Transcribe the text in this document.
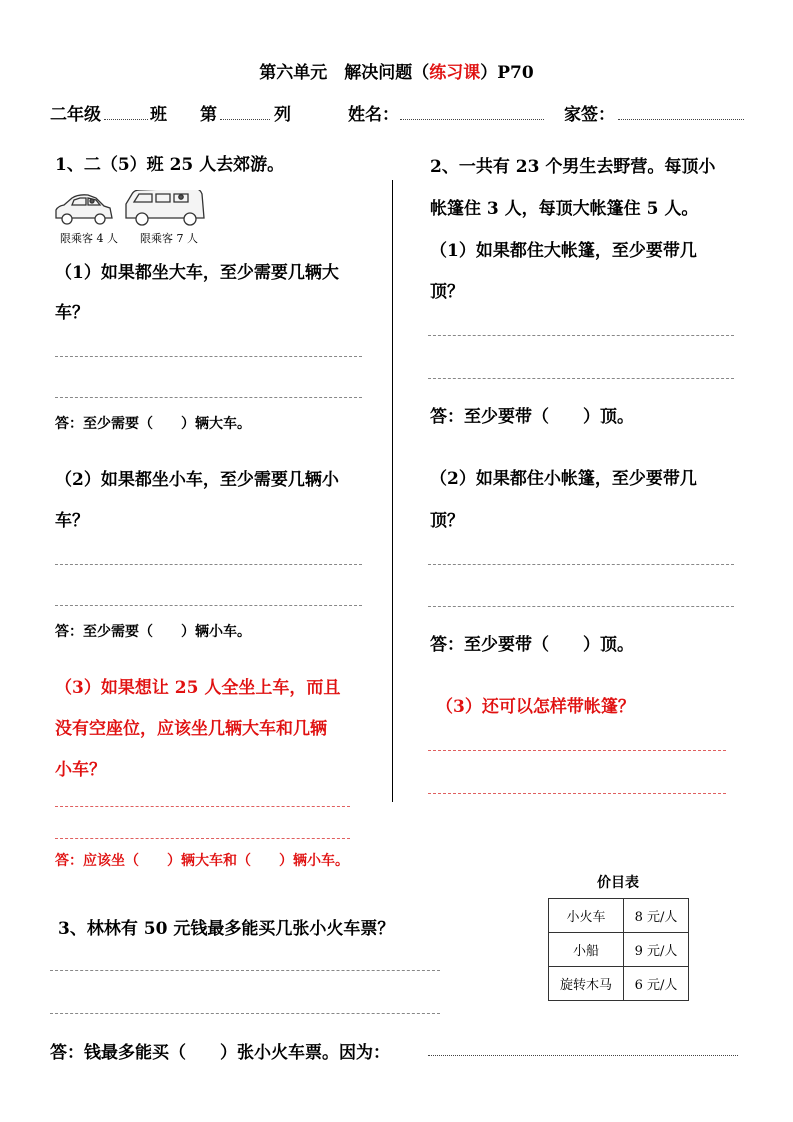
第六单元　解决问题（练习课）P70
二年级	班 第	列	姓名：	家签：
1、二（5）班 25 人去郊游。
限乘客 4 人 限乘客 7 人
（1）如果都坐大车，至少需要几辆大
车？
答：至少需要（　　）辆大车。
（2）如果都坐小车，至少需要几辆小
车？
答：至少需要（　　）辆小车。
（3）如果想让 25 人全坐上车，而且
没有空座位，应该坐几辆大车和几辆
小车？
答：应该坐（　　）辆大车和（　　）辆小车。
2、一共有 23 个男生去野营。每顶小
帐篷住 3 人，每顶大帐篷住 5 人。
（1）如果都住大帐篷，至少要带几
顶？
答：至少要带（　　）顶。
（2）如果都住小帐篷，至少要带几
顶？
答：至少要带（　　）顶。
（3）还可以怎样带帐篷？
3、林林有 50 元钱最多能买几张小火车票？
答：钱最多能买（　　）张小火车票。因为：
价目表
小火车	8 元/人
小船	9 元/人
旋转木马	6 元/人
